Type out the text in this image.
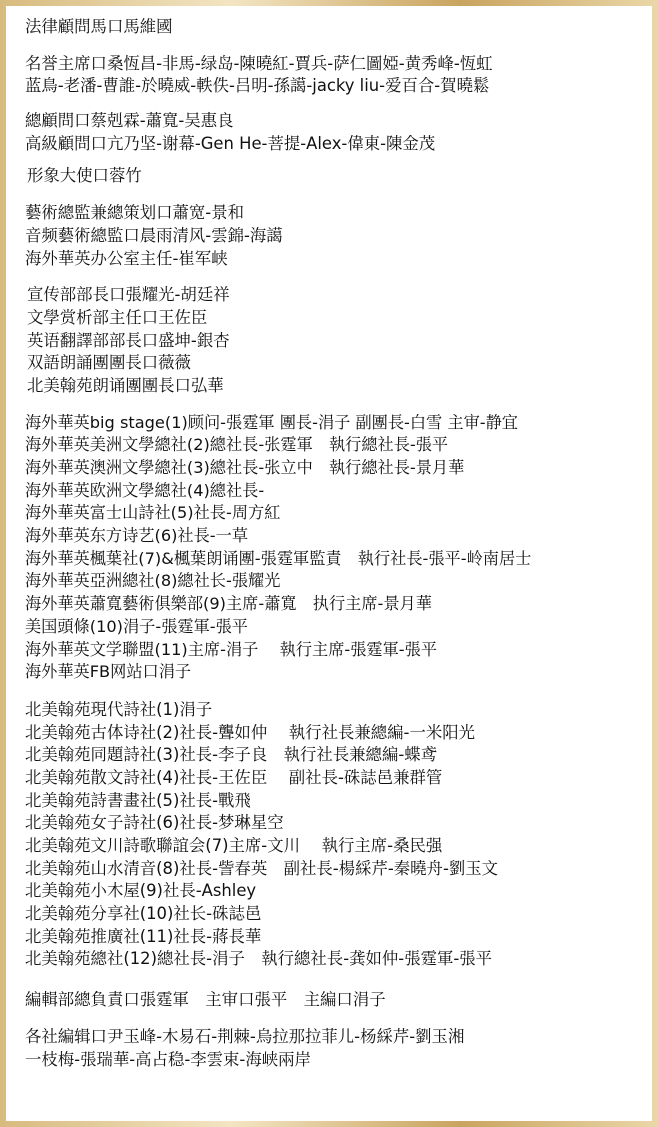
法律顧問馬口馬維國
名誉主席口桑恆昌-非馬-绿岛-陳曉紅-賈兵-萨仁圖婭-黄秀峰-恆虹
蓝鳥-老潘-曹誰-於曉威-軼佚-吕明-孫譪-jacky liu-爱百合-賀曉鬆
總顧問口蔡剋霖-蕭寬-吴惠良
高級顧問口亢乃坚-谢幕-Gen He-菩提-Alex-偉東-陳金茂
形象大使口蓉竹
藝術總監兼總策划口蕭宽-景和
音频藝術總監口晨雨清风-雲錦-海譪
海外華英办公室主任-崔军峡
宣传部部長口張耀光-胡廷祥
文學赏析部主任口王佐臣
英语翻譯部部長口盛坤-銀杏
双語朗誦團團長口薇薇
北美翰苑朗诵團團長口弘華
海外華英big stage(1)顾问-張霆軍 團長-涓子 副團長-白雪 主审-静宜
海外華英美洲文學總社(2)總社長-张霆軍　執行總社長-張平
海外華英澳洲文學總社(3)總社長-张立中　執行總社長-景月華
海外華英欧洲文學總社(4)總社長-
海外華英富士山詩社(5)社長-周方紅
海外華英东方诗艺(6)社長-一草
海外華英楓葉社(7)&楓葉朗诵團-張霆軍監責　執行社長-張平-岭南居士
海外華英亞洲總社(8)總社长-張耀光
海外華英蕭寬藝術俱樂部(9)主席-蕭寬　执行主席-景月華
美国頭條(10)涓子-張霆軍-張平
海外華英文学聯盟(11)主席-涓子　 執行主席-張霆軍-張平
海外華英FB网站口涓子
北美翰苑現代詩社(1)涓子
北美翰苑古体诗社(2)社長-聾如仲　 執行社長兼總編-一米阳光
北美翰苑同題詩社(3)社長-李子良　執行社長兼總編-蝶鸢
北美翰苑散文詩社(4)社長-王佐臣　 副社長-硃誌邑兼群管
北美翰苑詩書畫社(5)社長-戰飛
北美翰苑女子詩社(6)社長-梦琳星空
北美翰苑文川詩歌聯誼会(7)主席-文川　 執行主席-桑民强
北美翰苑山水清音(8)社長-訾春英　副社長-楊綵芹-秦曉舟-劉玉文
北美翰苑小木屋(9)社長-Ashley
北美翰苑分享社(10)社长-硃誌邑
北美翰苑推廣社(11)社長-蔣長華
北美翰苑總社(12)總社長-涓子　執行總社長-龚如仲-張霆軍-張平
編輯部總負責口張霆軍　主审口張平　主編口涓子
各社編辑口尹玉峰-木易石-荆棘-烏拉那拉菲儿-杨綵芹-劉玉湘
一枝梅-張瑞華-高占稳-李雲束-海峡兩岸
